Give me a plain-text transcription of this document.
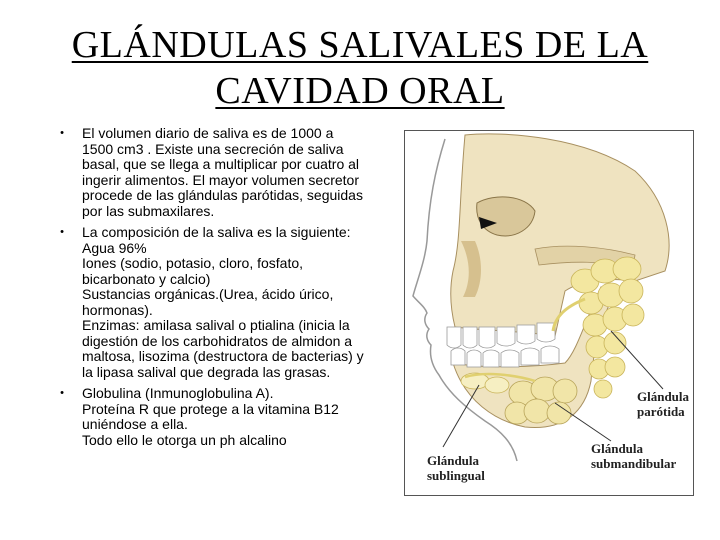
GLÁNDULAS SALIVALES DE LA
CAVIDAD ORAL
• El volumen diario de saliva es de 1000 a 1500 cm3 . Existe una secreción de saliva basal, que se llega a multiplicar por cuatro al ingerir alimentos. El mayor volumen secretor procede de las glándulas parótidas, seguidas por las submaxilares.
• La composición de la saliva es la siguiente:
Agua 96%
Iones (sodio, potasio, cloro, fosfato, bicarbonato y calcio)
Sustancias orgánicas.(Urea, ácido úrico, hormonas).
Enzimas: amilasa salival o ptialina (inicia la digestión de los carbohidratos de almidon a maltosa, lisozima (destructora de bacterias) y la lipasa salival que degrada las grasas.
• Globulina (Inmunoglobulina A).
Proteína R que protege a la vitamina B12 uniéndose a ella.
Todo ello le otorga un ph alcalino
Glándula
parótida
Glándula
submandibular
Glándula
sublingual
